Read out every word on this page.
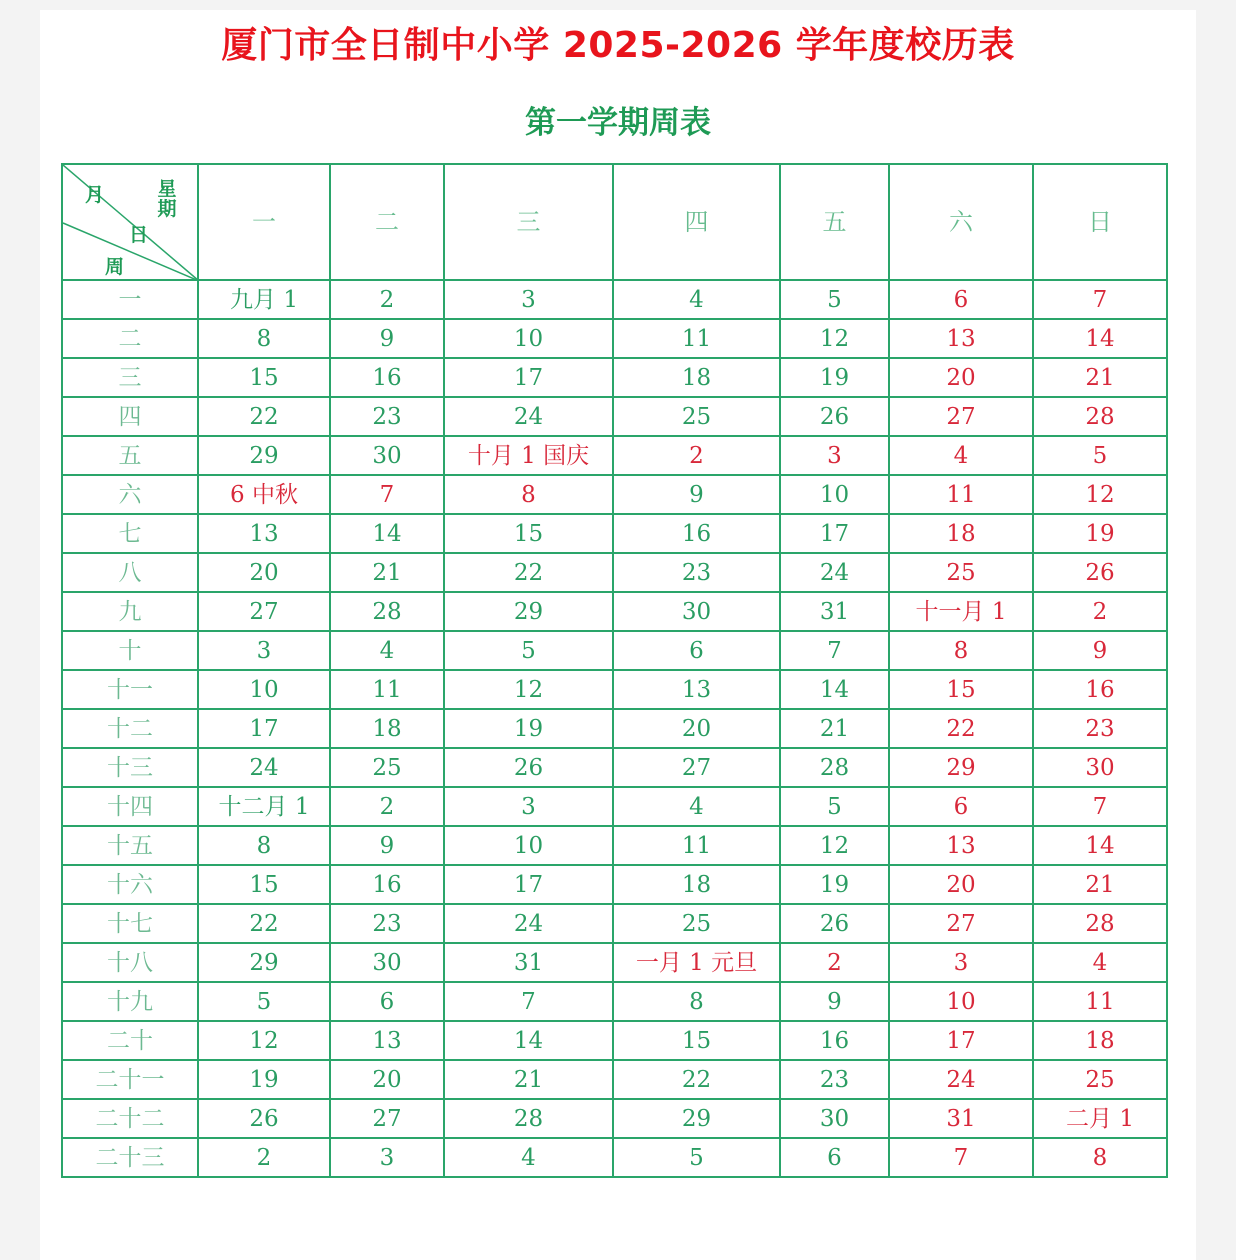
厦门市全日制中小学 2025-2026 学年度校历表
第一学期周表
月 星期
日
周	一	二	三	四	五	六	日
一	九月 1	2	3	4	5	6	7
二	8	9	10	11	12	13	14
三	15	16	17	18	19	20	21
四	22	23	24	25	26	27	28
五	29	30	十月 1 国庆	2	3	4	5
六	6 中秋	7	8	9	10	11	12
七	13	14	15	16	17	18	19
八	20	21	22	23	24	25	26
九	27	28	29	30	31	十一月 1	2
十	3	4	5	6	7	8	9
十一	10	11	12	13	14	15	16
十二	17	18	19	20	21	22	23
十三	24	25	26	27	28	29	30
十四	十二月 1	2	3	4	5	6	7
十五	8	9	10	11	12	13	14
十六	15	16	17	18	19	20	21
十七	22	23	24	25	26	27	28
十八	29	30	31	一月 1 元旦	2	3	4
十九	5	6	7	8	9	10	11
二十	12	13	14	15	16	17	18
二十一	19	20	21	22	23	24	25
二十二	26	27	28	29	30	31	二月 1
二十三	2	3	4	5	6	7	8
